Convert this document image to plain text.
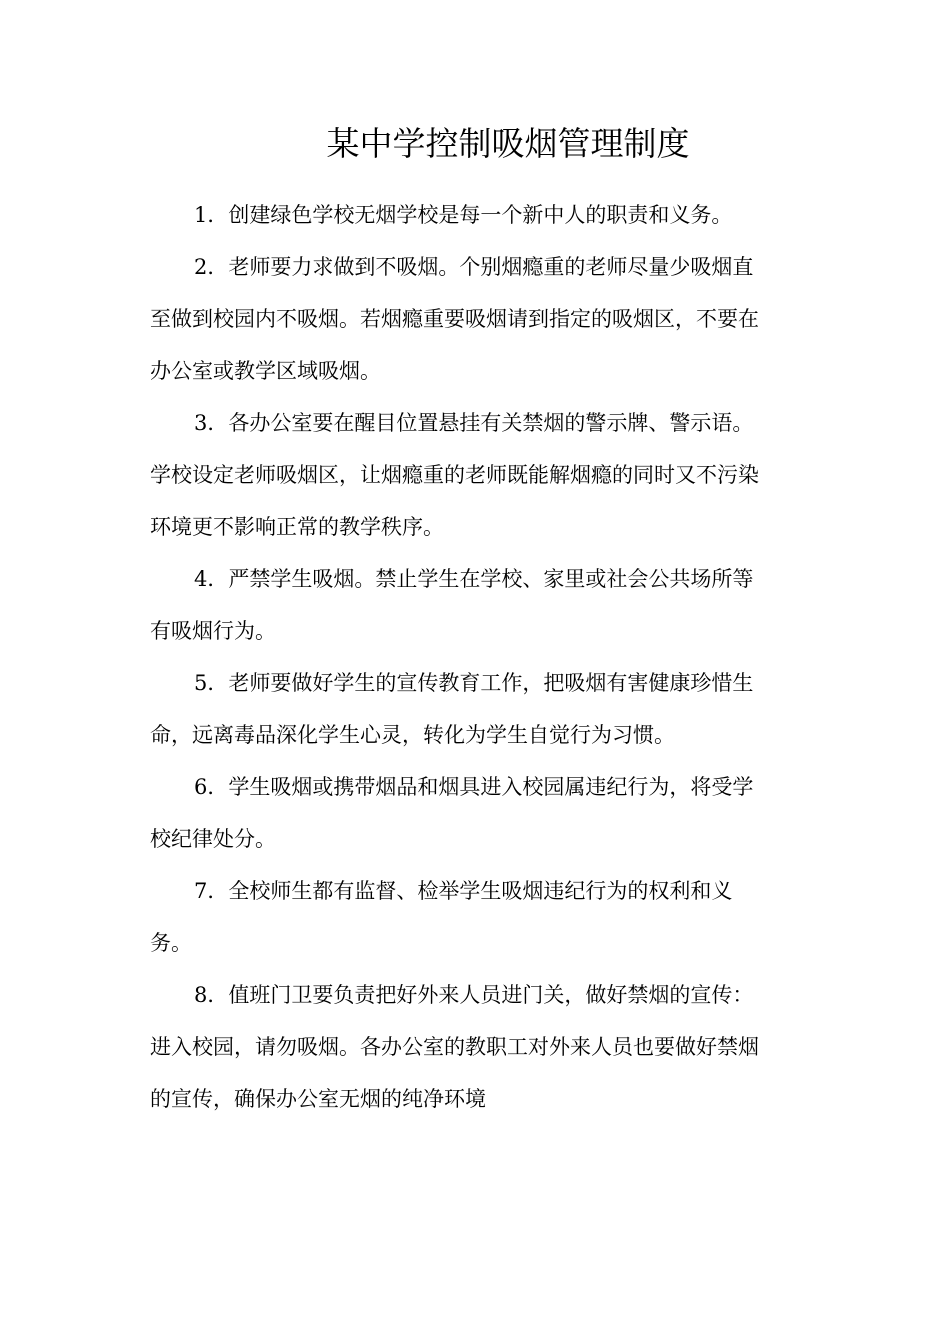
某中学控制吸烟管理制度

1．创建绿色学校无烟学校是每一个新中人的职责和义务。

2．老师要力求做到不吸烟。个别烟瘾重的老师尽量少吸烟直
至做到校园内不吸烟。若烟瘾重要吸烟请到指定的吸烟区，不要在
办公室或教学区域吸烟。

3．各办公室要在醒目位置悬挂有关禁烟的警示牌、警示语。
学校设定老师吸烟区，让烟瘾重的老师既能解烟瘾的同时又不污染
环境更不影响正常的教学秩序。

4．严禁学生吸烟。禁止学生在学校、家里或社会公共场所等
有吸烟行为。

5．老师要做好学生的宣传教育工作，把吸烟有害健康珍惜生
命，远离毒品深化学生心灵，转化为学生自觉行为习惯。

6．学生吸烟或携带烟品和烟具进入校园属违纪行为，将受学
校纪律处分。

7．全校师生都有监督、检举学生吸烟违纪行为的权利和义
务。

8．值班门卫要负责把好外来人员进门关，做好禁烟的宣传：
进入校园，请勿吸烟。各办公室的教职工对外来人员也要做好禁烟
的宣传，确保办公室无烟的纯净环境
